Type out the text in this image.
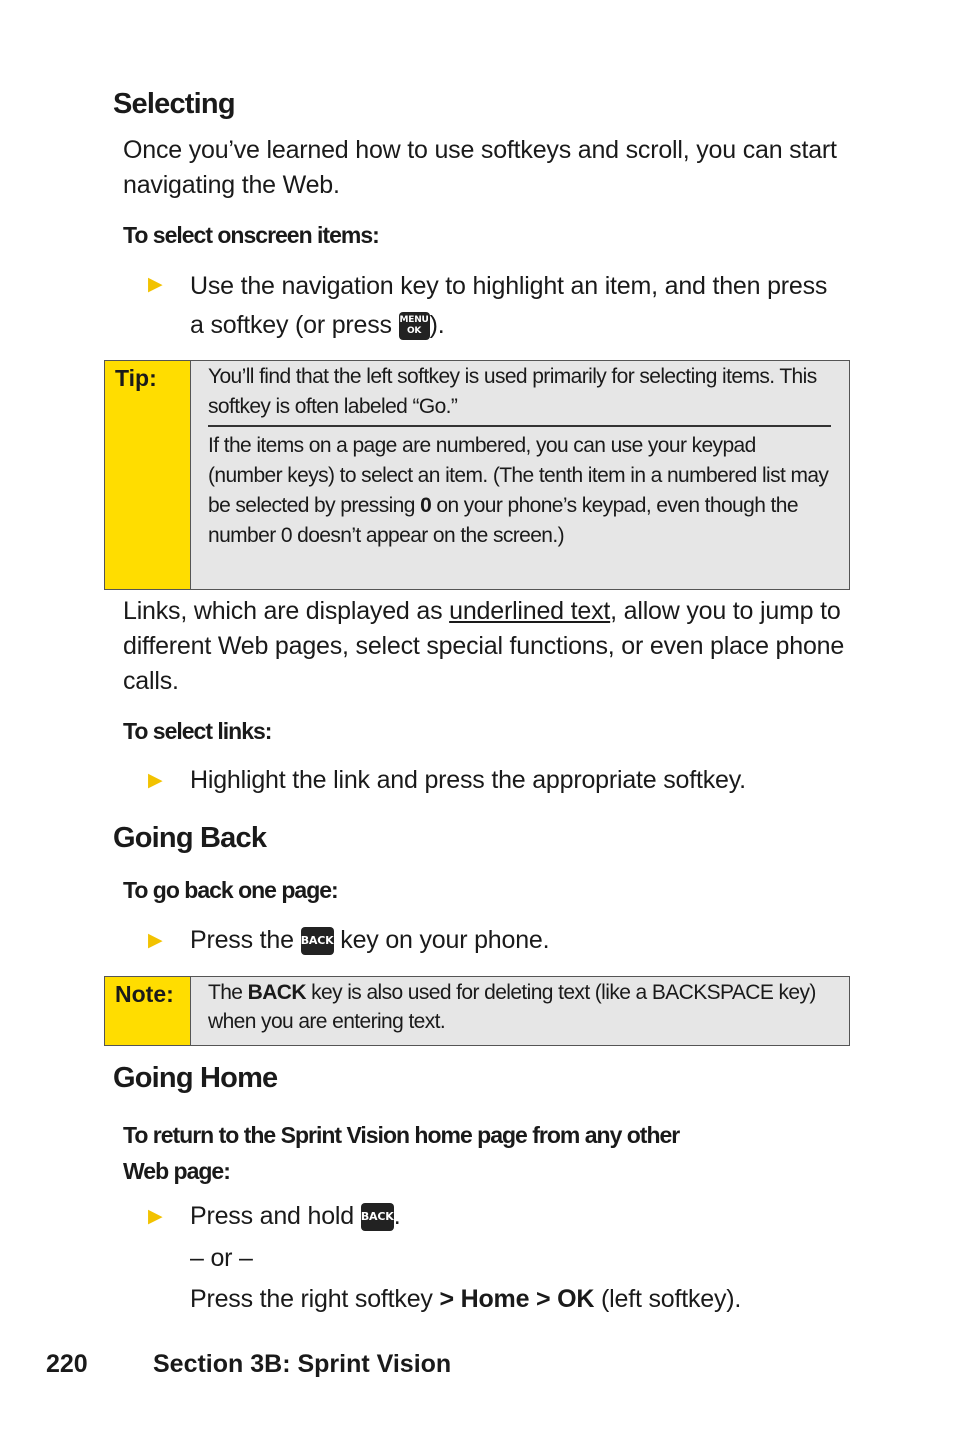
Selecting
Once you’ve learned how to use softkeys and scroll, you can start navigating the Web.
To select onscreen items:
▶ Use the navigation key to highlight an item, and then press a softkey (or press MENU
OK ).
Tip: You’ll find that the left softkey is used primarily for selecting items. This softkey is often labeled “Go.”
If the items on a page are numbered, you can use your keypad (number keys) to select an item. (The tenth item in a numbered list may be selected by pressing 0 on your phone’s keypad, even though the number 0 doesn’t appear on the screen.)
Links, which are displayed as underlined text, allow you to jump to different Web pages, select special functions, or even place phone calls.
To select links:
▶ Highlight the link and press the appropriate softkey.
Going Back
To go back one page:
▶ Press the BACK key on your phone.
Note: The BACK key is also used for deleting text (like a BACKSPACE key) when you are entering text.
Going Home
To return to the Sprint Vision home page from any other
Web page:
▶ Press and hold BACK.
– or –
Press the right softkey > Home > OK (left softkey).
220	Section 3B: Sprint Vision
